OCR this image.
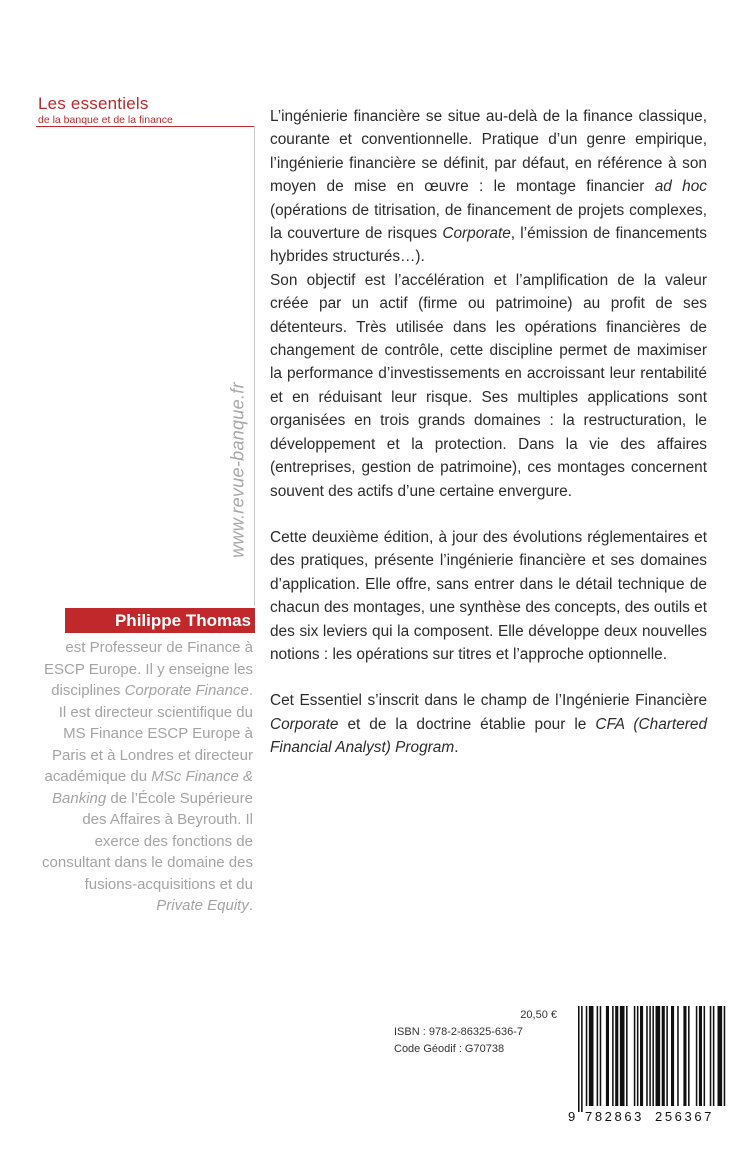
Les essentiels
de la banque et de la finance
www.revue-banque.fr
Philippe Thomas
est Professeur de Finance à ESCP Europe. Il y enseigne les disciplines Corporate Finance. Il est directeur scientifique du MS Finance ESCP Europe à Paris et à Londres et directeur académique du MSc Finance & Banking de l’École Supérieure des Affaires à Beyrouth. Il exerce des fonctions de consultant dans le domaine des fusions-acquisitions et du Private Equity.

L’ingénierie financière se situe au-delà de la finance classique, courante et conventionnelle. Pratique d’un genre empirique, l’ingénierie financière se définit, par défaut, en référence à son moyen de mise en œuvre : le montage financier ad hoc (opérations de titrisation, de financement de projets complexes, la couverture de risques Corporate, l’émission de financements hybrides structurés…).

Son objectif est l’accélération et l’amplification de la valeur créée par un actif (firme ou patrimoine) au profit de ses détenteurs. Très utilisée dans les opérations financières de changement de contrôle, cette discipline permet de maximiser la performance d’investissements en accroissant leur rentabilité et en réduisant leur risque. Ses multiples applications sont organisées en trois grands domaines : la restructuration, le développement et la protection. Dans la vie des affaires (entreprises, gestion de patrimoine), ces montages concernent souvent des actifs d’une certaine envergure.

Cette deuxième édition, à jour des évolutions réglementaires et des pratiques, présente l’ingénierie financière et ses domaines d’application. Elle offre, sans entrer dans le détail technique de chacun des montages, une synthèse des concepts, des outils et des six leviers qui la composent. Elle développe deux nouvelles notions : les opérations sur titres et l’approche optionnelle.

Cet Essentiel s’inscrit dans le champ de l’Ingénierie Financière Corporate et de la doctrine établie pour le CFA (Chartered Financial Analyst) Program.

20,50 €
ISBN : 978-2-86325-636-7
Code Géodif : G70738
9 782863 256367
